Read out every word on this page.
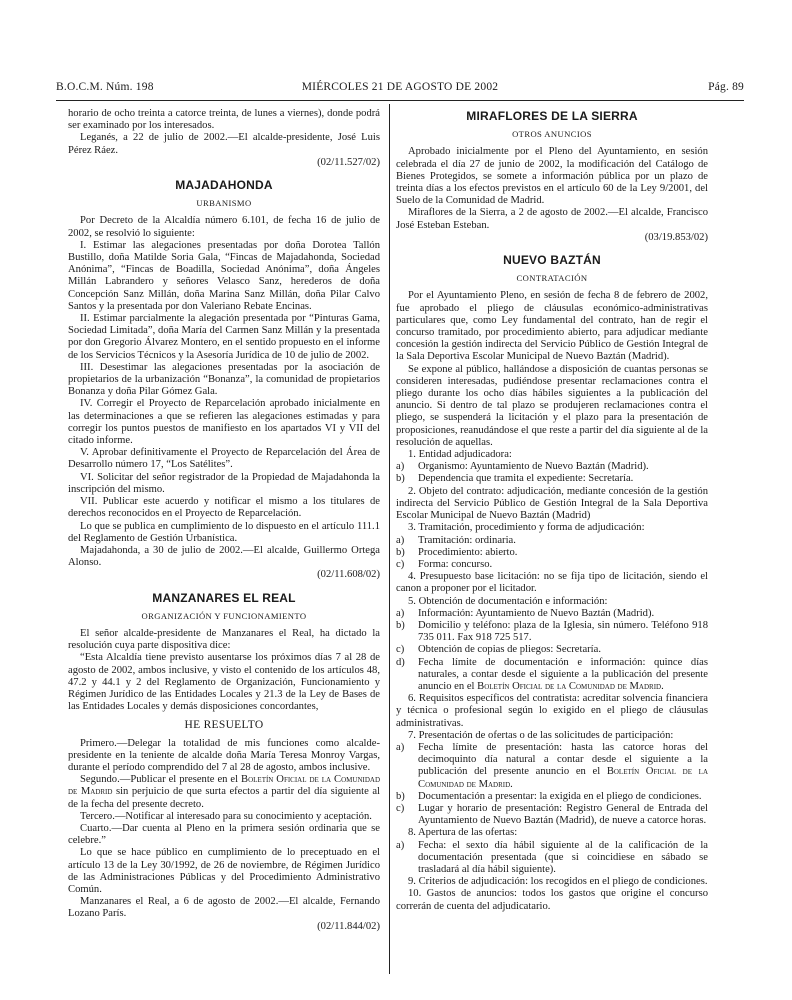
B.O.C.M. Núm. 198	MIÉRCOLES 21 DE AGOSTO DE 2002	Pág. 89

horario de ocho treinta a catorce treinta, de lunes a viernes), donde podrá ser examinado por los interesados.

Leganés, a 22 de julio de 2002.—El alcalde-presidente, José Luis Pérez Ráez.

(02/11.527/02)

MAJADAHONDA

URBANISMO

Por Decreto de la Alcaldía número 6.101, de fecha 16 de julio de 2002, se resolvió lo siguiente:

I. Estimar las alegaciones presentadas por doña Dorotea Tallón Bustillo, doña Matilde Soria Gala, “Fincas de Majadahonda, Sociedad Anónima”, “Fincas de Boadilla, Sociedad Anónima”, doña Ángeles Millán Labrandero y señores Velasco Sanz, herederos de doña Concepción Sanz Millán, doña Marina Sanz Millán, doña Pilar Calvo Santos y la presentada por don Valeriano Rebate Encinas.

II. Estimar parcialmente la alegación presentada por “Pinturas Gama, Sociedad Limitada”, doña María del Carmen Sanz Millán y la presentada por don Gregorio Álvarez Montero, en el sentido propuesto en el informe de los Servicios Técnicos y la Asesoría Jurídica de 10 de julio de 2002.

III. Desestimar las alegaciones presentadas por la asociación de propietarios de la urbanización “Bonanza”, la comunidad de propietarios Bonanza y doña Pilar Gómez Gala.

IV. Corregir el Proyecto de Reparcelación aprobado inicialmente en las determinaciones a que se refieren las alegaciones estimadas y para corregir los puntos puestos de manifiesto en los apartados VI y VII del citado informe.

V. Aprobar definitivamente el Proyecto de Reparcelación del Área de Desarrollo número 17, “Los Satélites”.

VI. Solicitar del señor registrador de la Propiedad de Majadahonda la inscripción del mismo.

VII. Publicar este acuerdo y notificar el mismo a los titulares de derechos reconocidos en el Proyecto de Reparcelación.

Lo que se publica en cumplimiento de lo dispuesto en el artículo 111.1 del Reglamento de Gestión Urbanística.

Majadahonda, a 30 de julio de 2002.—El alcalde, Guillermo Ortega Alonso.

(02/11.608/02)

MANZANARES EL REAL

ORGANIZACIÓN Y FUNCIONAMIENTO

El señor alcalde-presidente de Manzanares el Real, ha dictado la resolución cuya parte dispositiva dice:

“Esta Alcaldía tiene previsto ausentarse los próximos días 7 al 28 de agosto de 2002, ambos inclusive, y visto el contenido de los artículos 48, 47.2 y 44.1 y 2 del Reglamento de Organización, Funcionamiento y Régimen Jurídico de las Entidades Locales y 21.3 de la Ley de Bases de las Entidades Locales y demás disposiciones concordantes,

HE RESUELTO

Primero.—Delegar la totalidad de mis funciones como alcalde-presidente en la teniente de alcalde doña María Teresa Monroy Vargas, durante el período comprendido del 7 al 28 de agosto, ambos inclusive.

Segundo.—Publicar el presente en el Boletín Oficial de la Comunidad de Madrid sin perjuicio de que surta efectos a partir del día siguiente al de la fecha del presente decreto.

Tercero.—Notificar al interesado para su conocimiento y aceptación.

Cuarto.—Dar cuenta al Pleno en la primera sesión ordinaria que se celebre.”

Lo que se hace público en cumplimiento de lo preceptuado en el artículo 13 de la Ley 30/1992, de 26 de noviembre, de Régimen Jurídico de las Administraciones Públicas y del Procedimiento Administrativo Común.

Manzanares el Real, a 6 de agosto de 2002.—El alcalde, Fernando Lozano París.

(02/11.844/02)

MIRAFLORES DE LA SIERRA

OTROS ANUNCIOS

Aprobado inicialmente por el Pleno del Ayuntamiento, en sesión celebrada el día 27 de junio de 2002, la modificación del Catálogo de Bienes Protegidos, se somete a información pública por un plazo de treinta días a los efectos previstos en el artículo 60 de la Ley 9/2001, del Suelo de la Comunidad de Madrid.

Miraflores de la Sierra, a 2 de agosto de 2002.—El alcalde, Francisco José Esteban Esteban.

(03/19.853/02)

NUEVO BAZTÁN

CONTRATACIÓN

Por el Ayuntamiento Pleno, en sesión de fecha 8 de febrero de 2002, fue aprobado el pliego de cláusulas económico-administrativas particulares que, como Ley fundamental del contrato, han de regir el concurso tramitado, por procedimiento abierto, para adjudicar mediante concesión la gestión indirecta del Servicio Público de Gestión Integral de la Sala Deportiva Escolar Municipal de Nuevo Baztán (Madrid).

Se expone al público, hallándose a disposición de cuantas personas se consideren interesadas, pudiéndose presentar reclamaciones contra el pliego durante los ocho días hábiles siguientes a la publicación del anuncio. Si dentro de tal plazo se produjeren reclamaciones contra el pliego, se suspenderá la licitación y el plazo para la presentación de proposiciones, reanudándose el que reste a partir del día siguiente al de la resolución de aquellas.

1. Entidad adjudicadora:

a)	Organismo: Ayuntamiento de Nuevo Baztán (Madrid).
b)	Dependencia que tramita el expediente: Secretaría.

2. Objeto del contrato: adjudicación, mediante concesión de la gestión indirecta del Servicio Público de Gestión Integral de la Sala Deportiva Escolar Municipal de Nuevo Baztán (Madrid)

3. Tramitación, procedimiento y forma de adjudicación:

a)	Tramitación: ordinaria.
b)	Procedimiento: abierto.
c)	Forma: concurso.

4. Presupuesto base licitación: no se fija tipo de licitación, siendo el canon a proponer por el licitador.

5. Obtención de documentación e información:

a)	Información: Ayuntamiento de Nuevo Baztán (Madrid).
b)	Domicilio y teléfono: plaza de la Iglesia, sin número. Teléfono 918 735 011. Fax 918 725 517.
c)	Obtención de copias de pliegos: Secretaría.
d)	Fecha límite de documentación e información: quince días naturales, a contar desde el siguiente a la publicación del presente anuncio en el Boletín Oficial de la Comunidad de Madrid.

6. Requisitos específicos del contratista: acreditar solvencia financiera y técnica o profesional según lo exigido en el pliego de cláusulas administrativas.

7. Presentación de ofertas o de las solicitudes de participación:

a)	Fecha límite de presentación: hasta las catorce horas del decimoquinto día natural a contar desde el siguiente a la publicación del presente anuncio en el Boletín Oficial de la Comunidad de Madrid.
b)	Documentación a presentar: la exigida en el pliego de condiciones.
c)	Lugar y horario de presentación: Registro General de Entrada del Ayuntamiento de Nuevo Baztán (Madrid), de nueve a catorce horas.

8. Apertura de las ofertas:

a)	Fecha: el sexto día hábil siguiente al de la calificación de la documentación presentada (que si coincidiese en sábado se trasladará al día hábil siguiente).

9. Criterios de adjudicación: los recogidos en el pliego de condiciones.

10. Gastos de anuncios: todos los gastos que origine el concurso correrán de cuenta del adjudicatario.
